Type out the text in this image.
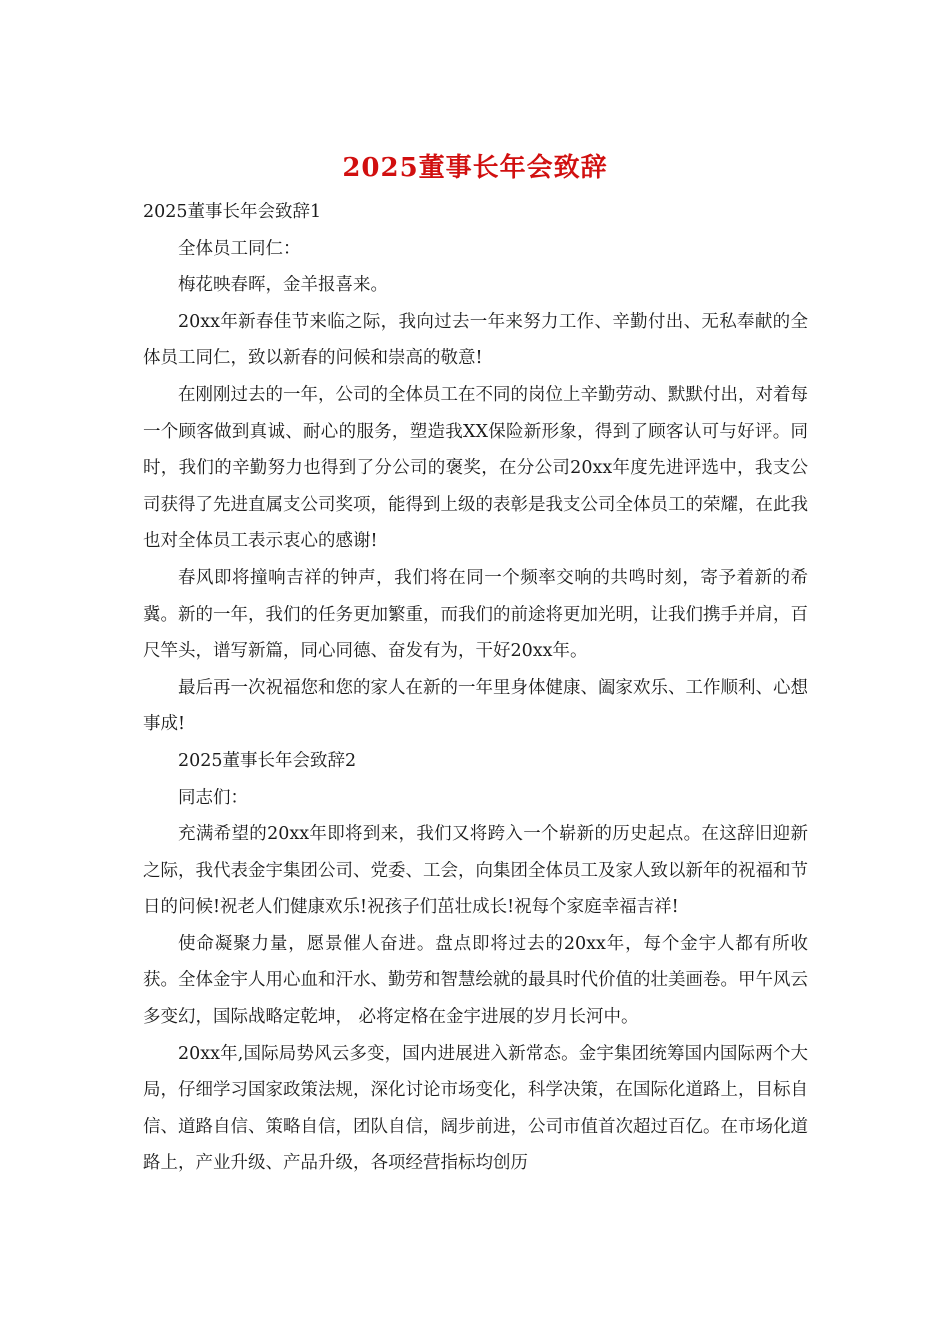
2025董事长年会致辞

2025董事长年会致辞1

全体员工同仁：

梅花映春晖，金羊报喜来。

20xx年新春佳节来临之际，我向过去一年来努力工作、辛勤付出、无私奉献的全体员工同仁，致以新春的问候和崇高的敬意!

在刚刚过去的一年，公司的全体员工在不同的岗位上辛勤劳动、默默付出，对着每一个顾客做到真诚、耐心的服务，塑造我XX保险新形象，得到了顾客认可与好评。同时，我们的辛勤努力也得到了分公司的褒奖，在分公司20xx年度先进评选中，我支公司获得了先进直属支公司奖项，能得到上级的表彰是我支公司全体员工的荣耀，在此我也对全体员工表示衷心的感谢!

春风即将撞响吉祥的钟声，我们将在同一个频率交响的共鸣时刻，寄予着新的希冀。新的一年，我们的任务更加繁重，而我们的前途将更加光明，让我们携手并肩，百尺竿头，谱写新篇，同心同德、奋发有为，干好20xx年。

最后再一次祝福您和您的家人在新的一年里身体健康、阖家欢乐、工作顺利、心想事成!

2025董事长年会致辞2

同志们：

充满希望的20xx年即将到来，我们又将跨入一个崭新的历史起点。在这辞旧迎新之际，我代表金宇集团公司、党委、工会，向集团全体员工及家人致以新年的祝福和节日的问候!祝老人们健康欢乐!祝孩子们茁壮成长!祝每个家庭幸福吉祥!

使命凝聚力量，愿景催人奋进。盘点即将过去的20xx年，每个金宇人都有所收获。全体金宇人用心血和汗水、勤劳和智慧绘就的最具时代价值的壮美画卷。甲午风云多变幻，国际战略定乾坤， 必将定格在金宇进展的岁月长河中。

20xx年,国际局势风云多变，国内进展进入新常态。金宇集团统筹国内国际两个大局，仔细学习国家政策法规，深化讨论市场变化，科学决策，在国际化道路上，目标自信、道路自信、策略自信，团队自信，阔步前进，公司市值首次超过百亿。在市场化道路上，产业升级、产品升级，各项经营指标均创历
